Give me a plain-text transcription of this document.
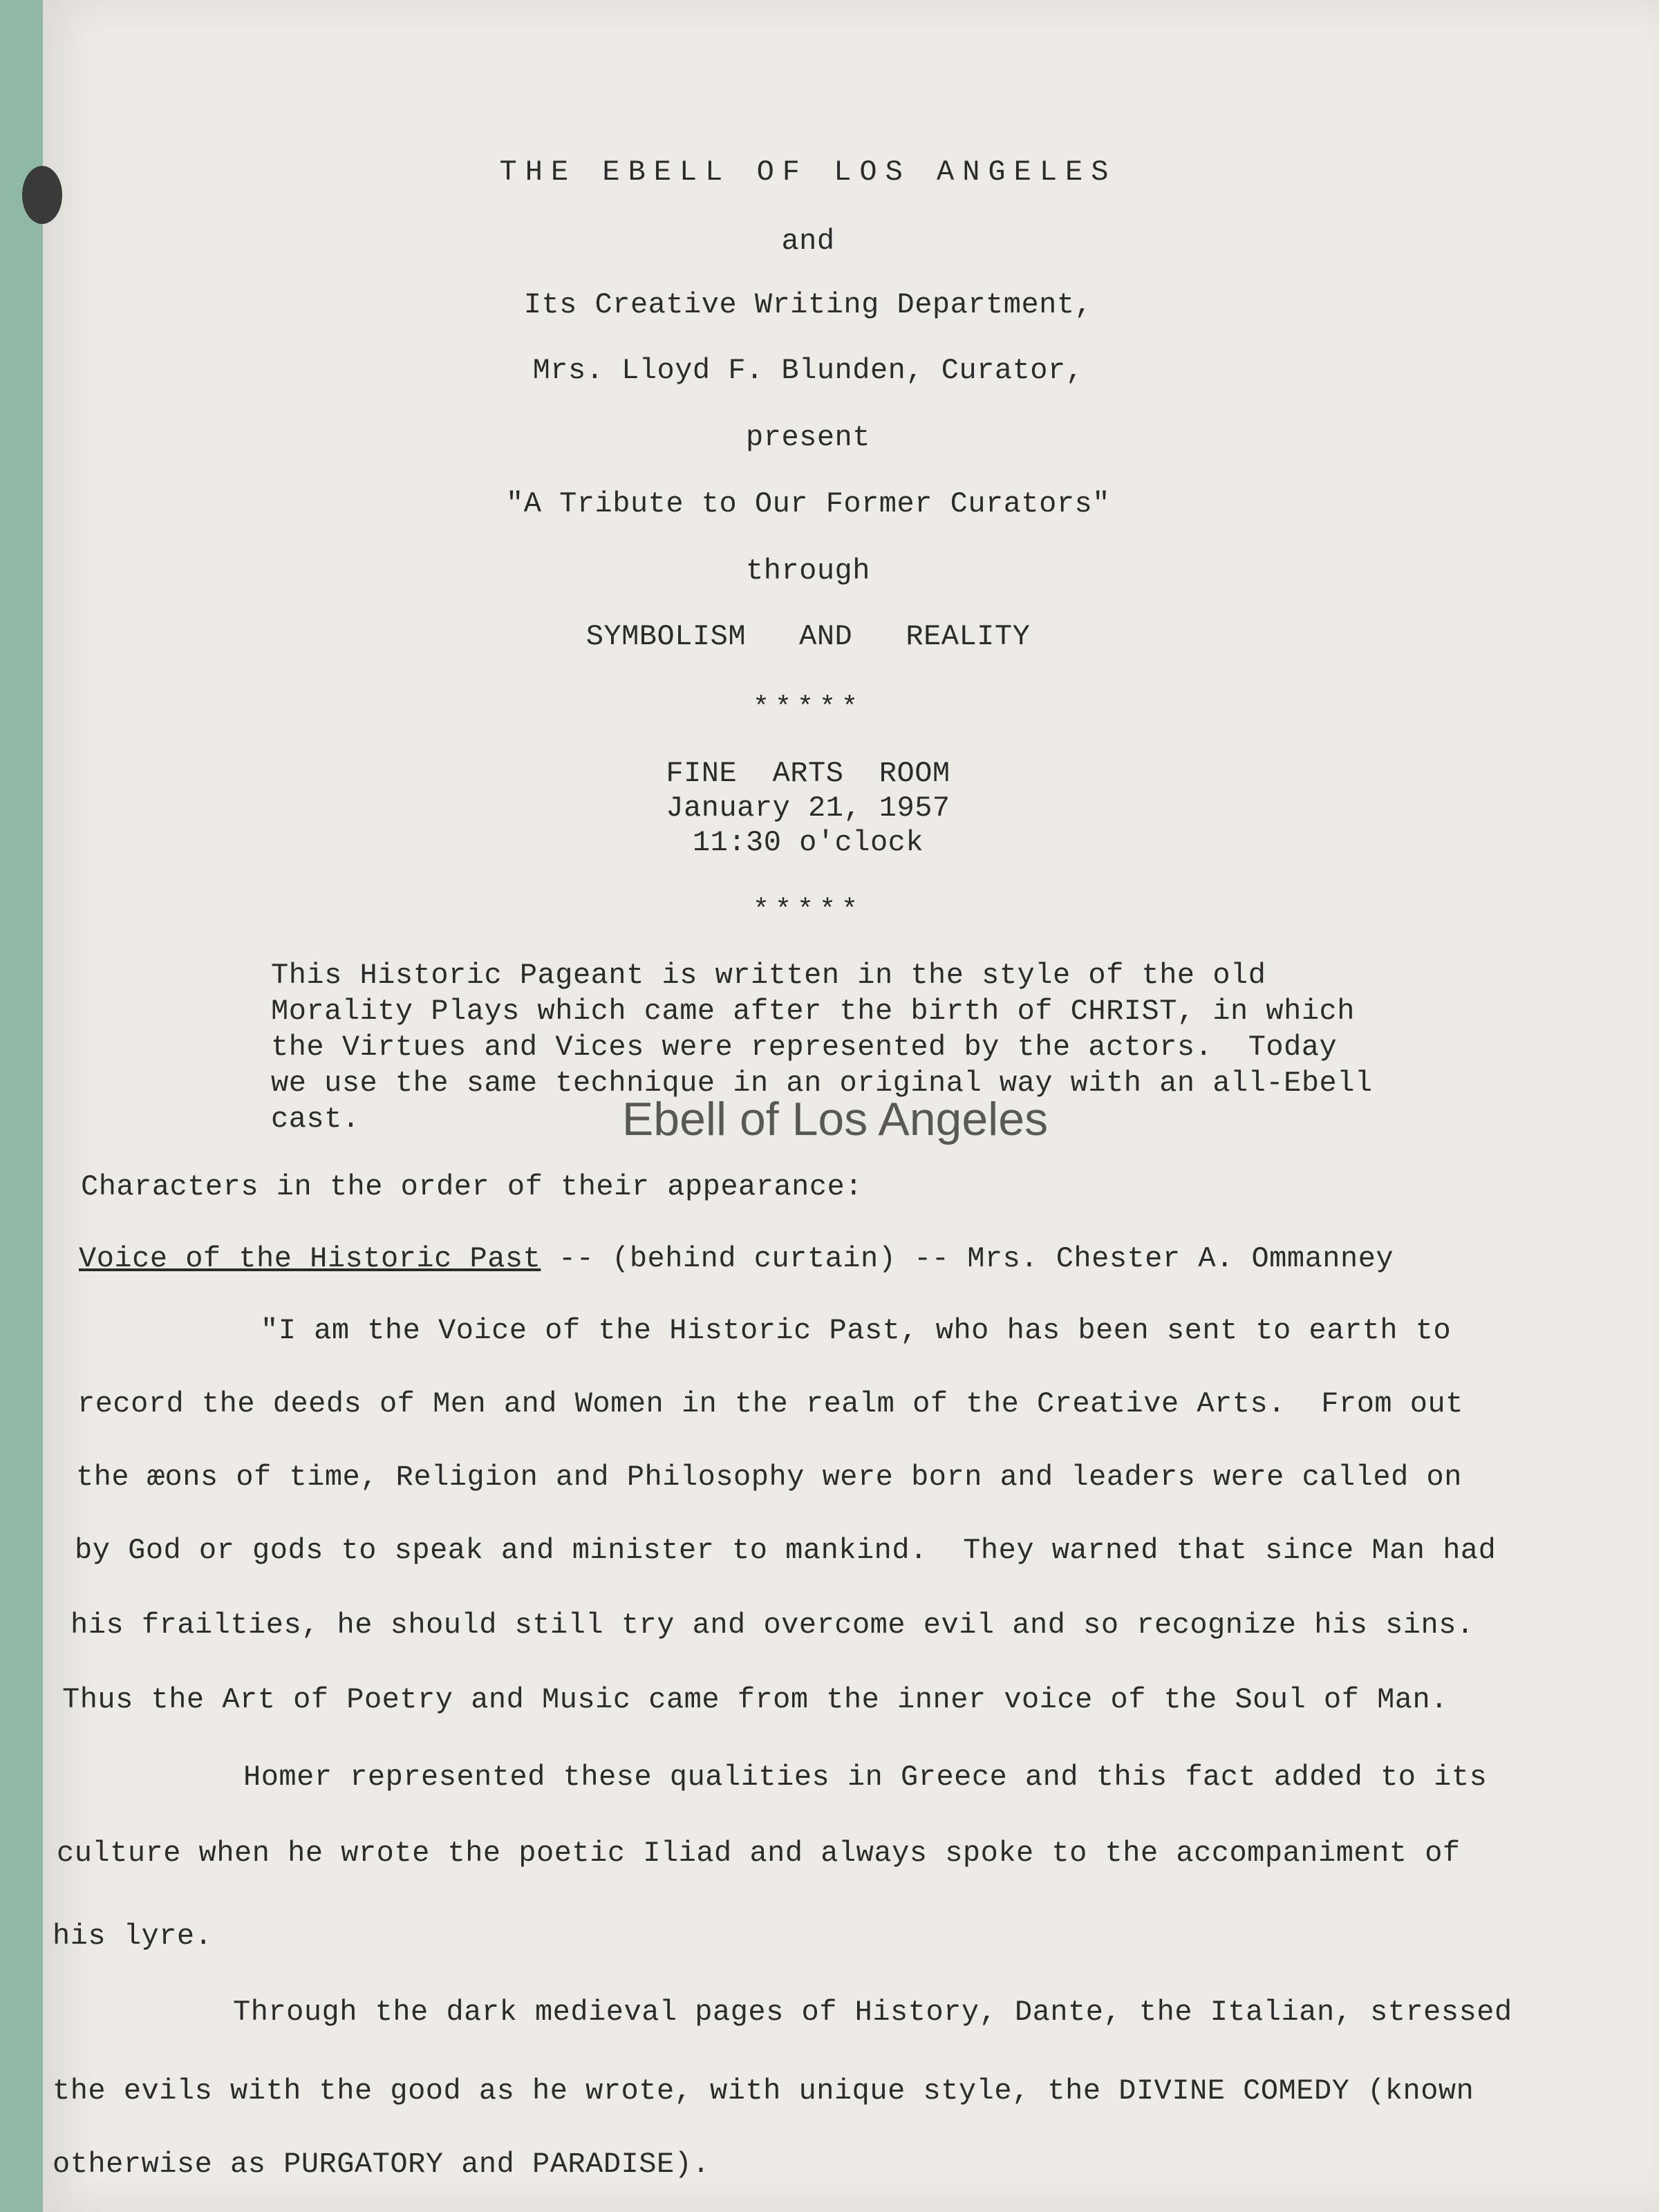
THE EBELL OF LOS ANGELES
and
Its Creative Writing Department,
Mrs. Lloyd F. Blunden, Curator,
present
"A Tribute to Our Former Curators"
through
SYMBOLISM   AND   REALITY
*****
FINE  ARTS  ROOM
January 21, 1957
11:30 o'clock
*****
This Historic Pageant is written in the style of the old
Morality Plays which came after the birth of CHRIST, in which
the Virtues and Vices were represented by the actors.  Today
we use the same technique in an original way with an all-Ebell
cast.
Characters in the order of their appearance:
Voice of the Historic Past -- (behind curtain) -- Mrs. Chester A. Ommanney
"I am the Voice of the Historic Past, who has been sent to earth to
record the deeds of Men and Women in the realm of the Creative Arts.  From out
the æons of time, Religion and Philosophy were born and leaders were called on
by God or gods to speak and minister to mankind.  They warned that since Man had
his frailties, he should still try and overcome evil and so recognize his sins.
Thus the Art of Poetry and Music came from the inner voice of the Soul of Man.
Homer represented these qualities in Greece and this fact added to its
culture when he wrote the poetic Iliad and always spoke to the accompaniment of
his lyre.
Through the dark medieval pages of History, Dante, the Italian, stressed
the evils with the good as he wrote, with unique style, the DIVINE COMEDY (known
otherwise as PURGATORY and PARADISE).
Ebell of Los Angeles
